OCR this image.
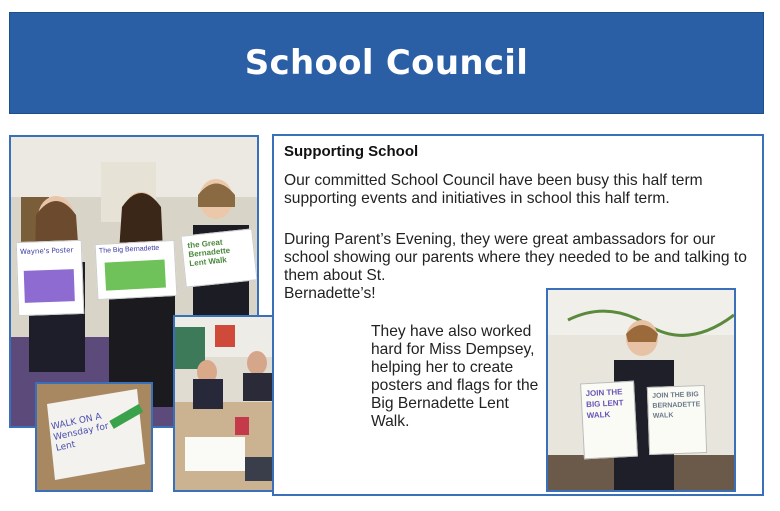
School Council
Wayne's Poster	The Big Bernadette	the Great Bernadette Lent Walk
WALK ON A Wensday for Lent
Supporting School

Our committed School Council have been busy this half term supporting events and initiatives in school this half term.

During Parent’s Evening, they were great ambassadors for our school showing our parents where they needed to be and talking to them about St.
Bernadette’s!

They have also worked hard for Miss Dempsey, helping her to create posters and flags for the Big Bernadette Lent Walk.

JOIN THE BIG LENT WALK
JOIN THE BIG BERNADETTE WALK
